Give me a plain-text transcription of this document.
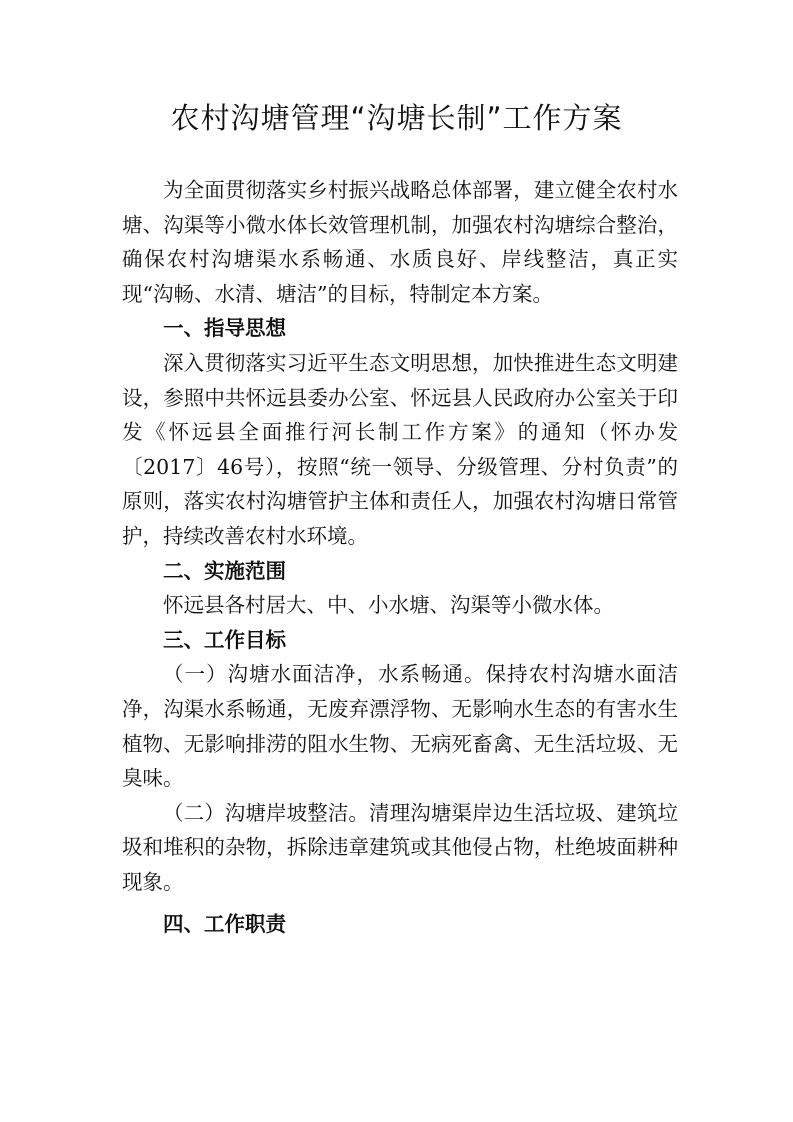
农村沟塘管理“沟塘长制”工作方案

为全面贯彻落实乡村振兴战略总体部署，建立健全农村水塘、沟渠等小微水体长效管理机制，加强农村沟塘综合整治，确保农村沟塘渠水系畅通、水质良好、岸线整洁，真正实现“沟畅、水清、塘洁”的目标，特制定本方案。

一、指导思想

深入贯彻落实习近平生态文明思想，加快推进生态文明建设，参照中共怀远县委办公室、怀远县人民政府办公室关于印发《怀远县全面推行河长制工作方案》的通知（怀办发〔2017〕46号），按照“统一领导、分级管理、分村负责”的原则，落实农村沟塘管护主体和责任人，加强农村沟塘日常管护，持续改善农村水环境。

二、实施范围

怀远县各村居大、中、小水塘、沟渠等小微水体。

三、工作目标

（一）沟塘水面洁净，水系畅通。保持农村沟塘水面洁净，沟渠水系畅通，无废弃漂浮物、无影响水生态的有害水生植物、无影响排涝的阻水生物、无病死畜禽、无生活垃圾、无臭味。

（二）沟塘岸坡整洁。清理沟塘渠岸边生活垃圾、建筑垃圾和堆积的杂物，拆除违章建筑或其他侵占物，杜绝坡面耕种现象。

四、工作职责
